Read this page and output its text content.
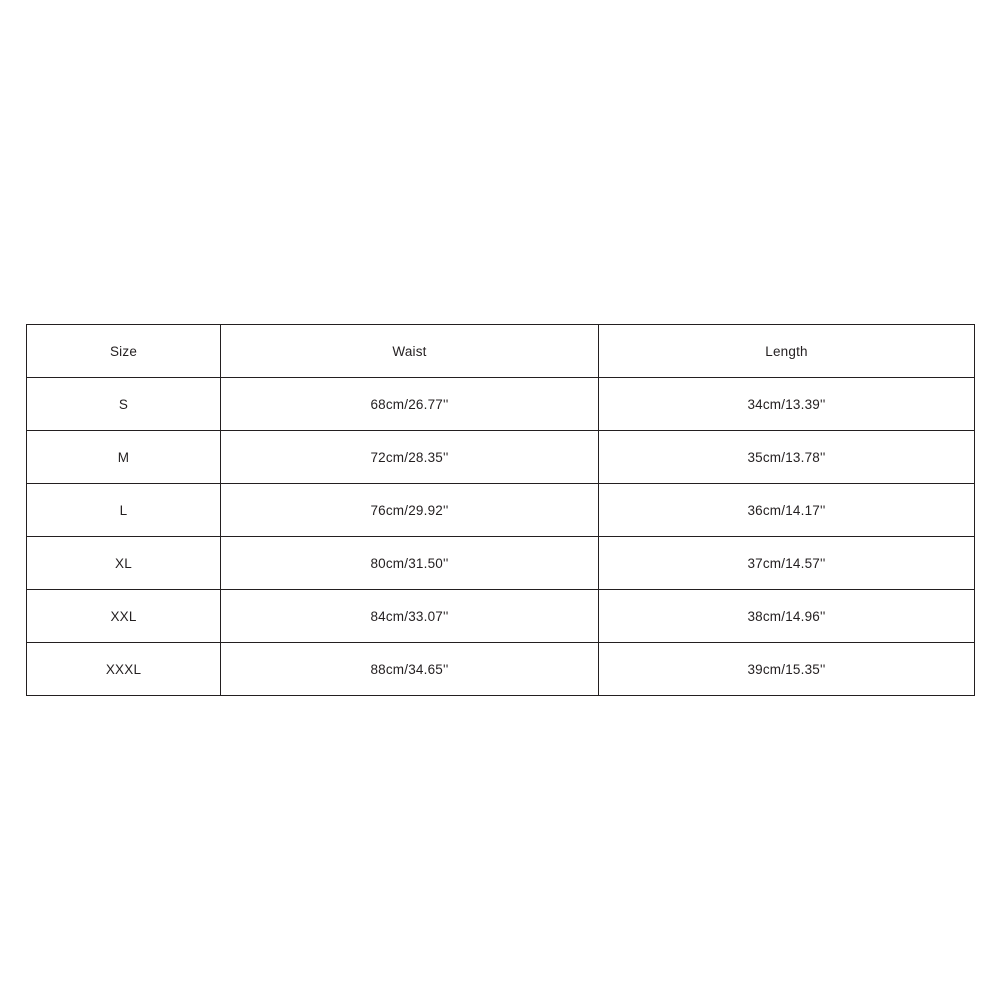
Size	Waist	Length
S	68cm/26.77''	34cm/13.39''
M	72cm/28.35''	35cm/13.78''
L	76cm/29.92''	36cm/14.17''
XL	80cm/31.50''	37cm/14.57''
XXL	84cm/33.07''	38cm/14.96''
XXXL	88cm/34.65''	39cm/15.35''
